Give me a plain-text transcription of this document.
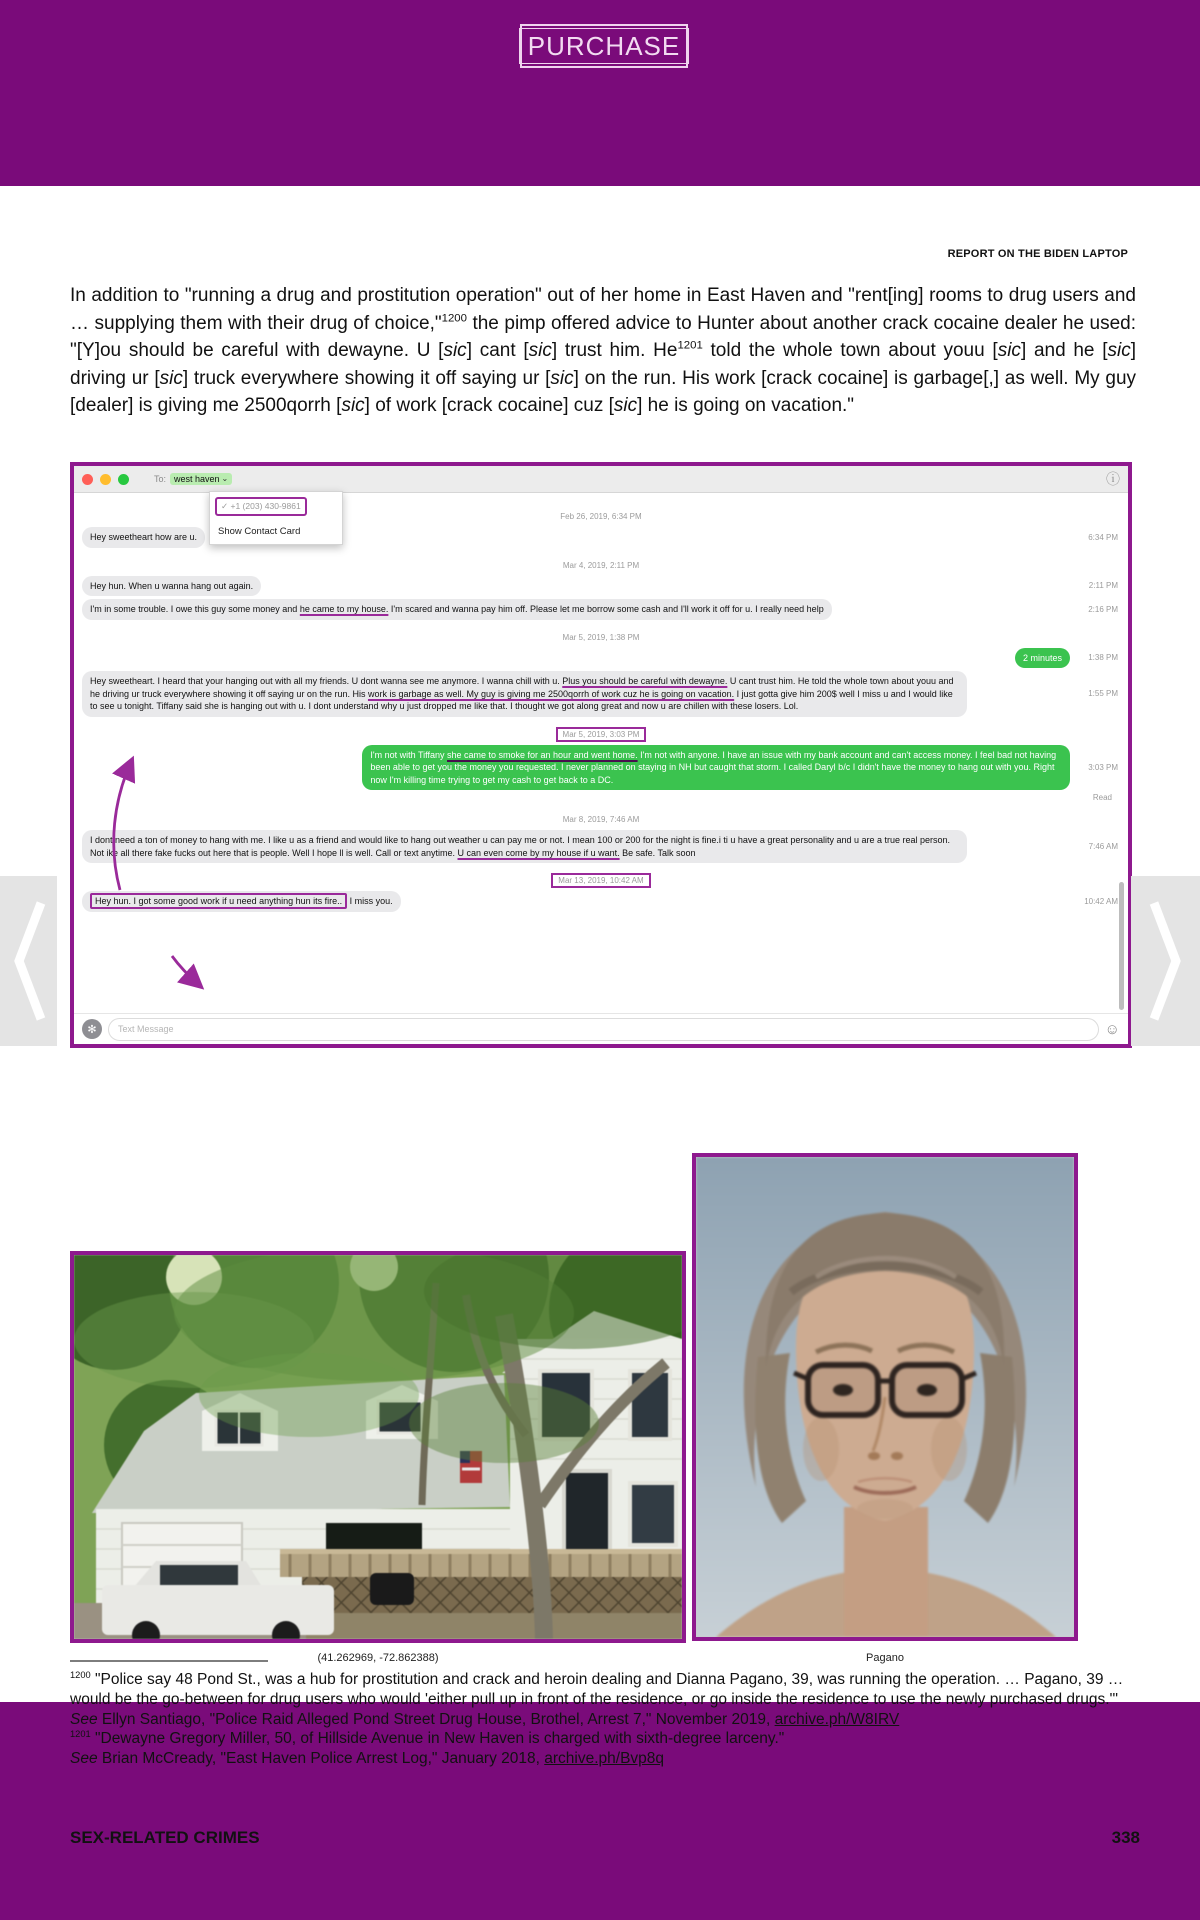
PURCHASE
REPORT ON THE BIDEN LAPTOP
In addition to "running a drug and prostitution operation" out of her home in East Haven and "rent[ing] rooms to drug users and … supplying them with their drug of choice,"$^{1200}$ the pimp offered advice to Hunter about another crack cocaine dealer he used: "[Y]ou should be careful with dewayne. U [sic] cant [sic] trust him. $He^{1201}$ told the whole town about youu [sic] and he [sic] driving ur [sic] truck everywhere showing it off saying ur [sic] on the run. His work [crack cocaine] is garbage[,] as well. My guy [dealer] is giving me 2500qorrh [sic] of work [crack cocaine] cuz [sic] he is going on vacation."
To: west haven ⌄	ⓘ
✓ +1 (203) 430-9861
Show Contact Card
Feb 26, 2019, 6:34 PM
Hey sweetheart how are u.	6:34 PM
Mar 4, 2019, 2:11 PM
Hey hun. When u wanna hang out again.	2:11 PM
I'm in some trouble. I owe this guy some money and he came to my house. I'm scared and wanna pay him off. Please let me borrow some cash and I'll work it off for u. I really need help	2:16 PM
Mar 5, 2019, 1:38 PM
2 minutes	1:38 PM
Hey sweetheart. I heard that your hanging out with all my friends. U dont wanna see me anymore. I wanna chill with u. Plus you should be careful with dewayne. U cant trust him. He told the whole town about youu and he driving ur truck everywhere showing it off saying ur on the run. His work is garbage as well. My guy is giving me 2500qorrh of work cuz he is going on vacation. I just gotta give him 200$ well I miss u and I would like to see u tonight. Tiffany said she is hanging out with u. I dont understand why u just dropped me like that. I thought we got along great and now u are chillen with these losers. Lol.
1:55 PM
Mar 5, 2019, 3:03 PM
I'm not with Tiffany she came to smoke for an hour and went home. I'm not with anyone. I have an issue with my bank account and can't access money. I feel bad not having been able to get you the money you requested. I never planned on staying in NH but caught that storm. I called Daryl b/c I didn't have the money to hang out with you. Right now I'm killing time trying to get my cash to get back to a DC.
3:03 PM
Read
Mar 8, 2019, 7:46 AM
I dont need a ton of money to hang with me. I like u as a friend and would like to hang out weather u can pay me or not. I mean 100 or 200 for the night is fine.i ti u have a great personality and u are a true real person. Not ike all there fake fucks out here that is people. Well I hope ll is well. Call or text anytime. U can even come by my house if u want. Be safe. Talk soon
7:46 AM
Mar 13, 2019, 10:42 AM
Hey hun. I got some good work if u need anything hun its fire.. I miss you.	10:42 AM
✻	Text Message	☺
(41.262969, -72.862388)	Pagano
$^{1200}$ "Police say 48 Pond St., was a hub for prostitution and crack and heroin dealing and Dianna Pagano, 39, was running the operation. … Pagano, 39 … would be the go-between for drug users who would 'either pull up in front of the residence, or go inside the residence to use the newly purchased drugs.'"
See Ellyn Santiago, "Police Raid Alleged Pond Street Drug House, Brothel, Arrest 7," November 2019, archive.ph/W8IRV
$^{1201}$ "Dewayne Gregory Miller, 50, of Hillside Avenue in New Haven is charged with sixth-degree larceny."
See Brian McCready, "East Haven Police Arrest Log," January 2018, archive.ph/Bvp8q
SEX-RELATED CRIMES	338
